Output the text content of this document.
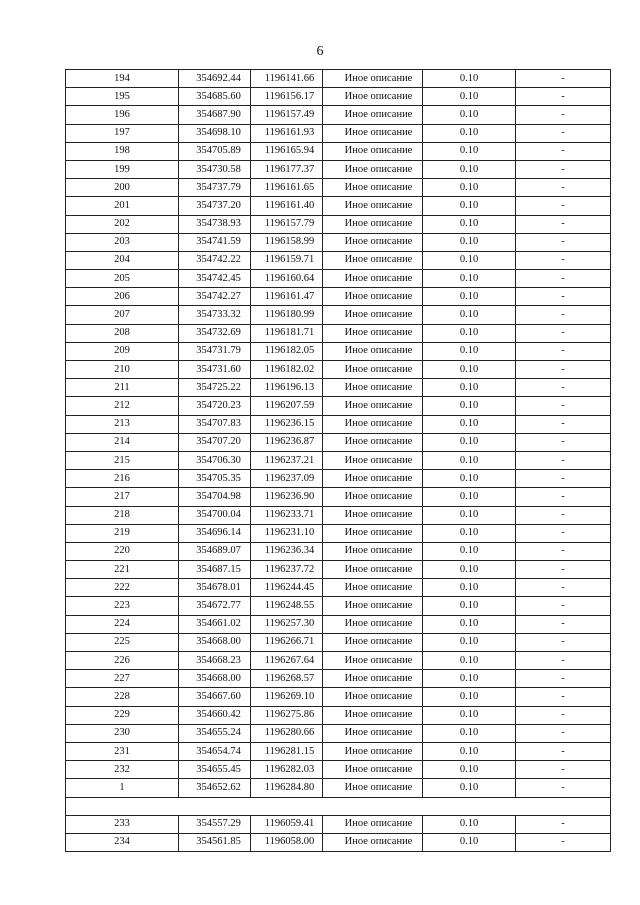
6
194	354692.44	1196141.66	Иное описание	0.10	-
195	354685.60	1196156.17	Иное описание	0.10	-
196	354687.90	1196157.49	Иное описание	0.10	-
197	354698.10	1196161.93	Иное описание	0.10	-
198	354705.89	1196165.94	Иное описание	0.10	-
199	354730.58	1196177.37	Иное описание	0.10	-
200	354737.79	1196161.65	Иное описание	0.10	-
201	354737.20	1196161.40	Иное описание	0.10	-
202	354738.93	1196157.79	Иное описание	0.10	-
203	354741.59	1196158.99	Иное описание	0.10	-
204	354742.22	1196159.71	Иное описание	0.10	-
205	354742.45	1196160.64	Иное описание	0.10	-
206	354742.27	1196161.47	Иное описание	0.10	-
207	354733.32	1196180.99	Иное описание	0.10	-
208	354732.69	1196181.71	Иное описание	0.10	-
209	354731.79	1196182.05	Иное описание	0.10	-
210	354731.60	1196182.02	Иное описание	0.10	-
211	354725.22	1196196.13	Иное описание	0.10	-
212	354720.23	1196207.59	Иное описание	0.10	-
213	354707.83	1196236.15	Иное описание	0.10	-
214	354707.20	1196236.87	Иное описание	0.10	-
215	354706.30	1196237.21	Иное описание	0.10	-
216	354705.35	1196237.09	Иное описание	0.10	-
217	354704.98	1196236.90	Иное описание	0.10	-
218	354700.04	1196233.71	Иное описание	0.10	-
219	354696.14	1196231.10	Иное описание	0.10	-
220	354689.07	1196236.34	Иное описание	0.10	-
221	354687.15	1196237.72	Иное описание	0.10	-
222	354678.01	1196244.45	Иное описание	0.10	-
223	354672.77	1196248.55	Иное описание	0.10	-
224	354661.02	1196257.30	Иное описание	0.10	-
225	354668.00	1196266.71	Иное описание	0.10	-
226	354668.23	1196267.64	Иное описание	0.10	-
227	354668.00	1196268.57	Иное описание	0.10	-
228	354667.60	1196269.10	Иное описание	0.10	-
229	354660.42	1196275.86	Иное описание	0.10	-
230	354655.24	1196280.66	Иное описание	0.10	-
231	354654.74	1196281.15	Иное описание	0.10	-
232	354655.45	1196282.03	Иное описание	0.10	-
1	354652.62	1196284.80	Иное описание	0.10	-

233	354557.29	1196059.41	Иное описание	0.10	-
234	354561.85	1196058.00	Иное описание	0.10	-
